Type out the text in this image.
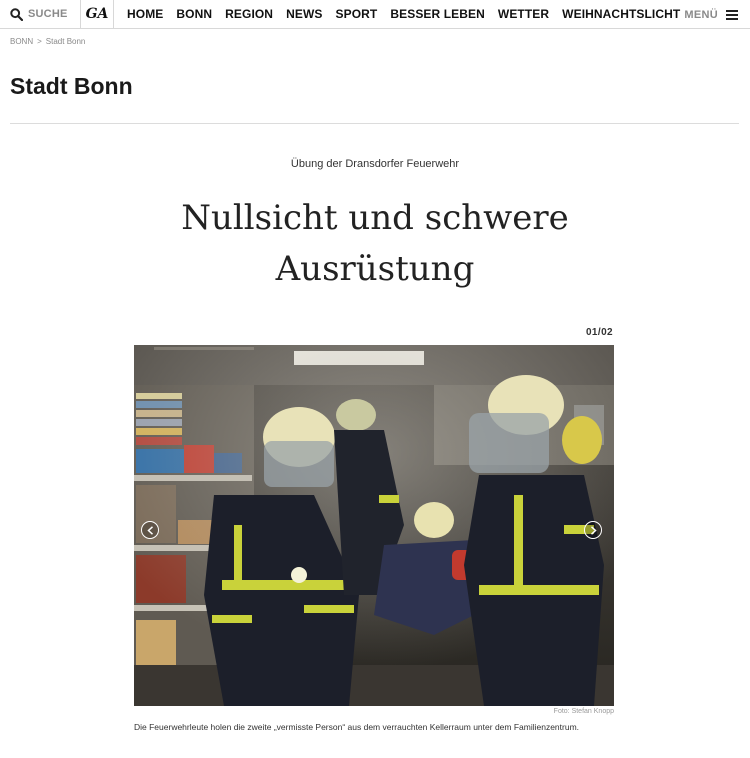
SUCHE	GA	HOME BONN REGION NEWS SPORT BESSER LEBEN WETTER WEIHNACHTSLICHT MENÜ
BONN > Stadt Bonn
Stadt Bonn
Übung der Dransdorfer Feuerwehr
Nullsicht und schwere
Ausrüstung
01/02
Foto: Stefan Knopp
Die Feuerwehrleute holen die zweite „vermisste Person“ aus dem verrauchten Kellerraum unter dem Familienzentrum.
